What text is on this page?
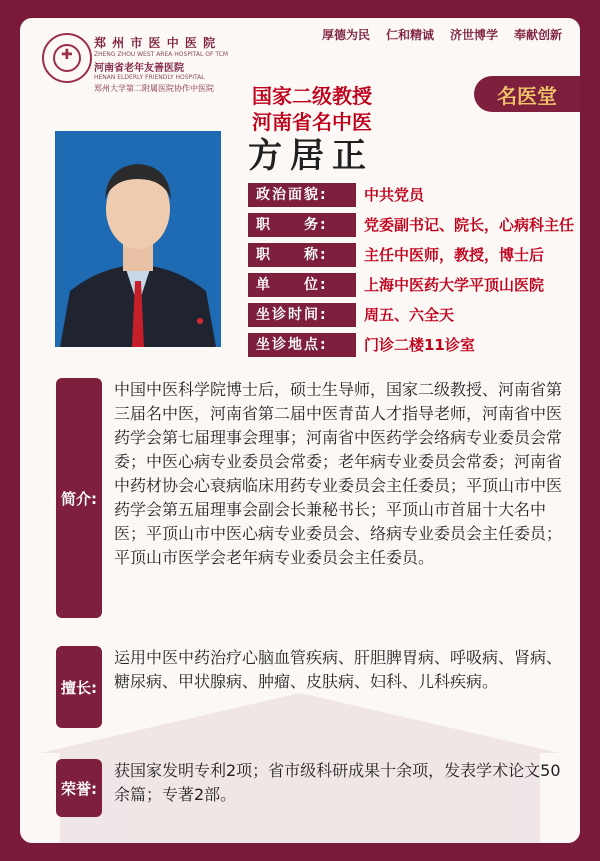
✚
郑 州 市 医 中 医 院
ZHENG ZHOU WEST AREA HOSPITAL OF TCM
河南省老年友善医院
HENAN ELDERLY FRIENDLY HOSPITAL
郑州大学第二附属医院协作中医院
厚德为民 仁和精诚 济世博学 奉献创新
国家二级教授
河南省名中医
名医堂
方居正
政治面貌:	中共党员
职　　务:	党委副书记、院长，心病科主任
职　　称:	主任中医师，教授，博士后
单　　位:	上海中医药大学平顶山医院
坐诊时间:	周五、六全天
坐诊地点:	门诊二楼11诊室
简介:
中国中医科学院博士后，硕士生导师，国家二级教授、河南省第三届名中医，河南省第二届中医青苗人才指导老师，河南省中医药学会第七届理事会理事；河南省中医药学会络病专业委员会常委；中医心病专业委员会常委；老年病专业委员会常委；河南省中药材协会心衰病临床用药专业委员会主任委员；平顶山市中医药学会第五届理事会副会长兼秘书长；平顶山市首届十大名中医；平顶山市中医心病专业委员会、络病专业委员会主任委员；平顶山市医学会老年病专业委员会主任委员。
擅长:
运用中医中药治疗心脑血管疾病、肝胆脾胃病、呼吸病、肾病、糖尿病、甲状腺病、肿瘤、皮肤病、妇科、儿科疾病。
荣誉:
获国家发明专利2项；省市级科研成果十余项，发表学术论文50余篇；专著2部。
